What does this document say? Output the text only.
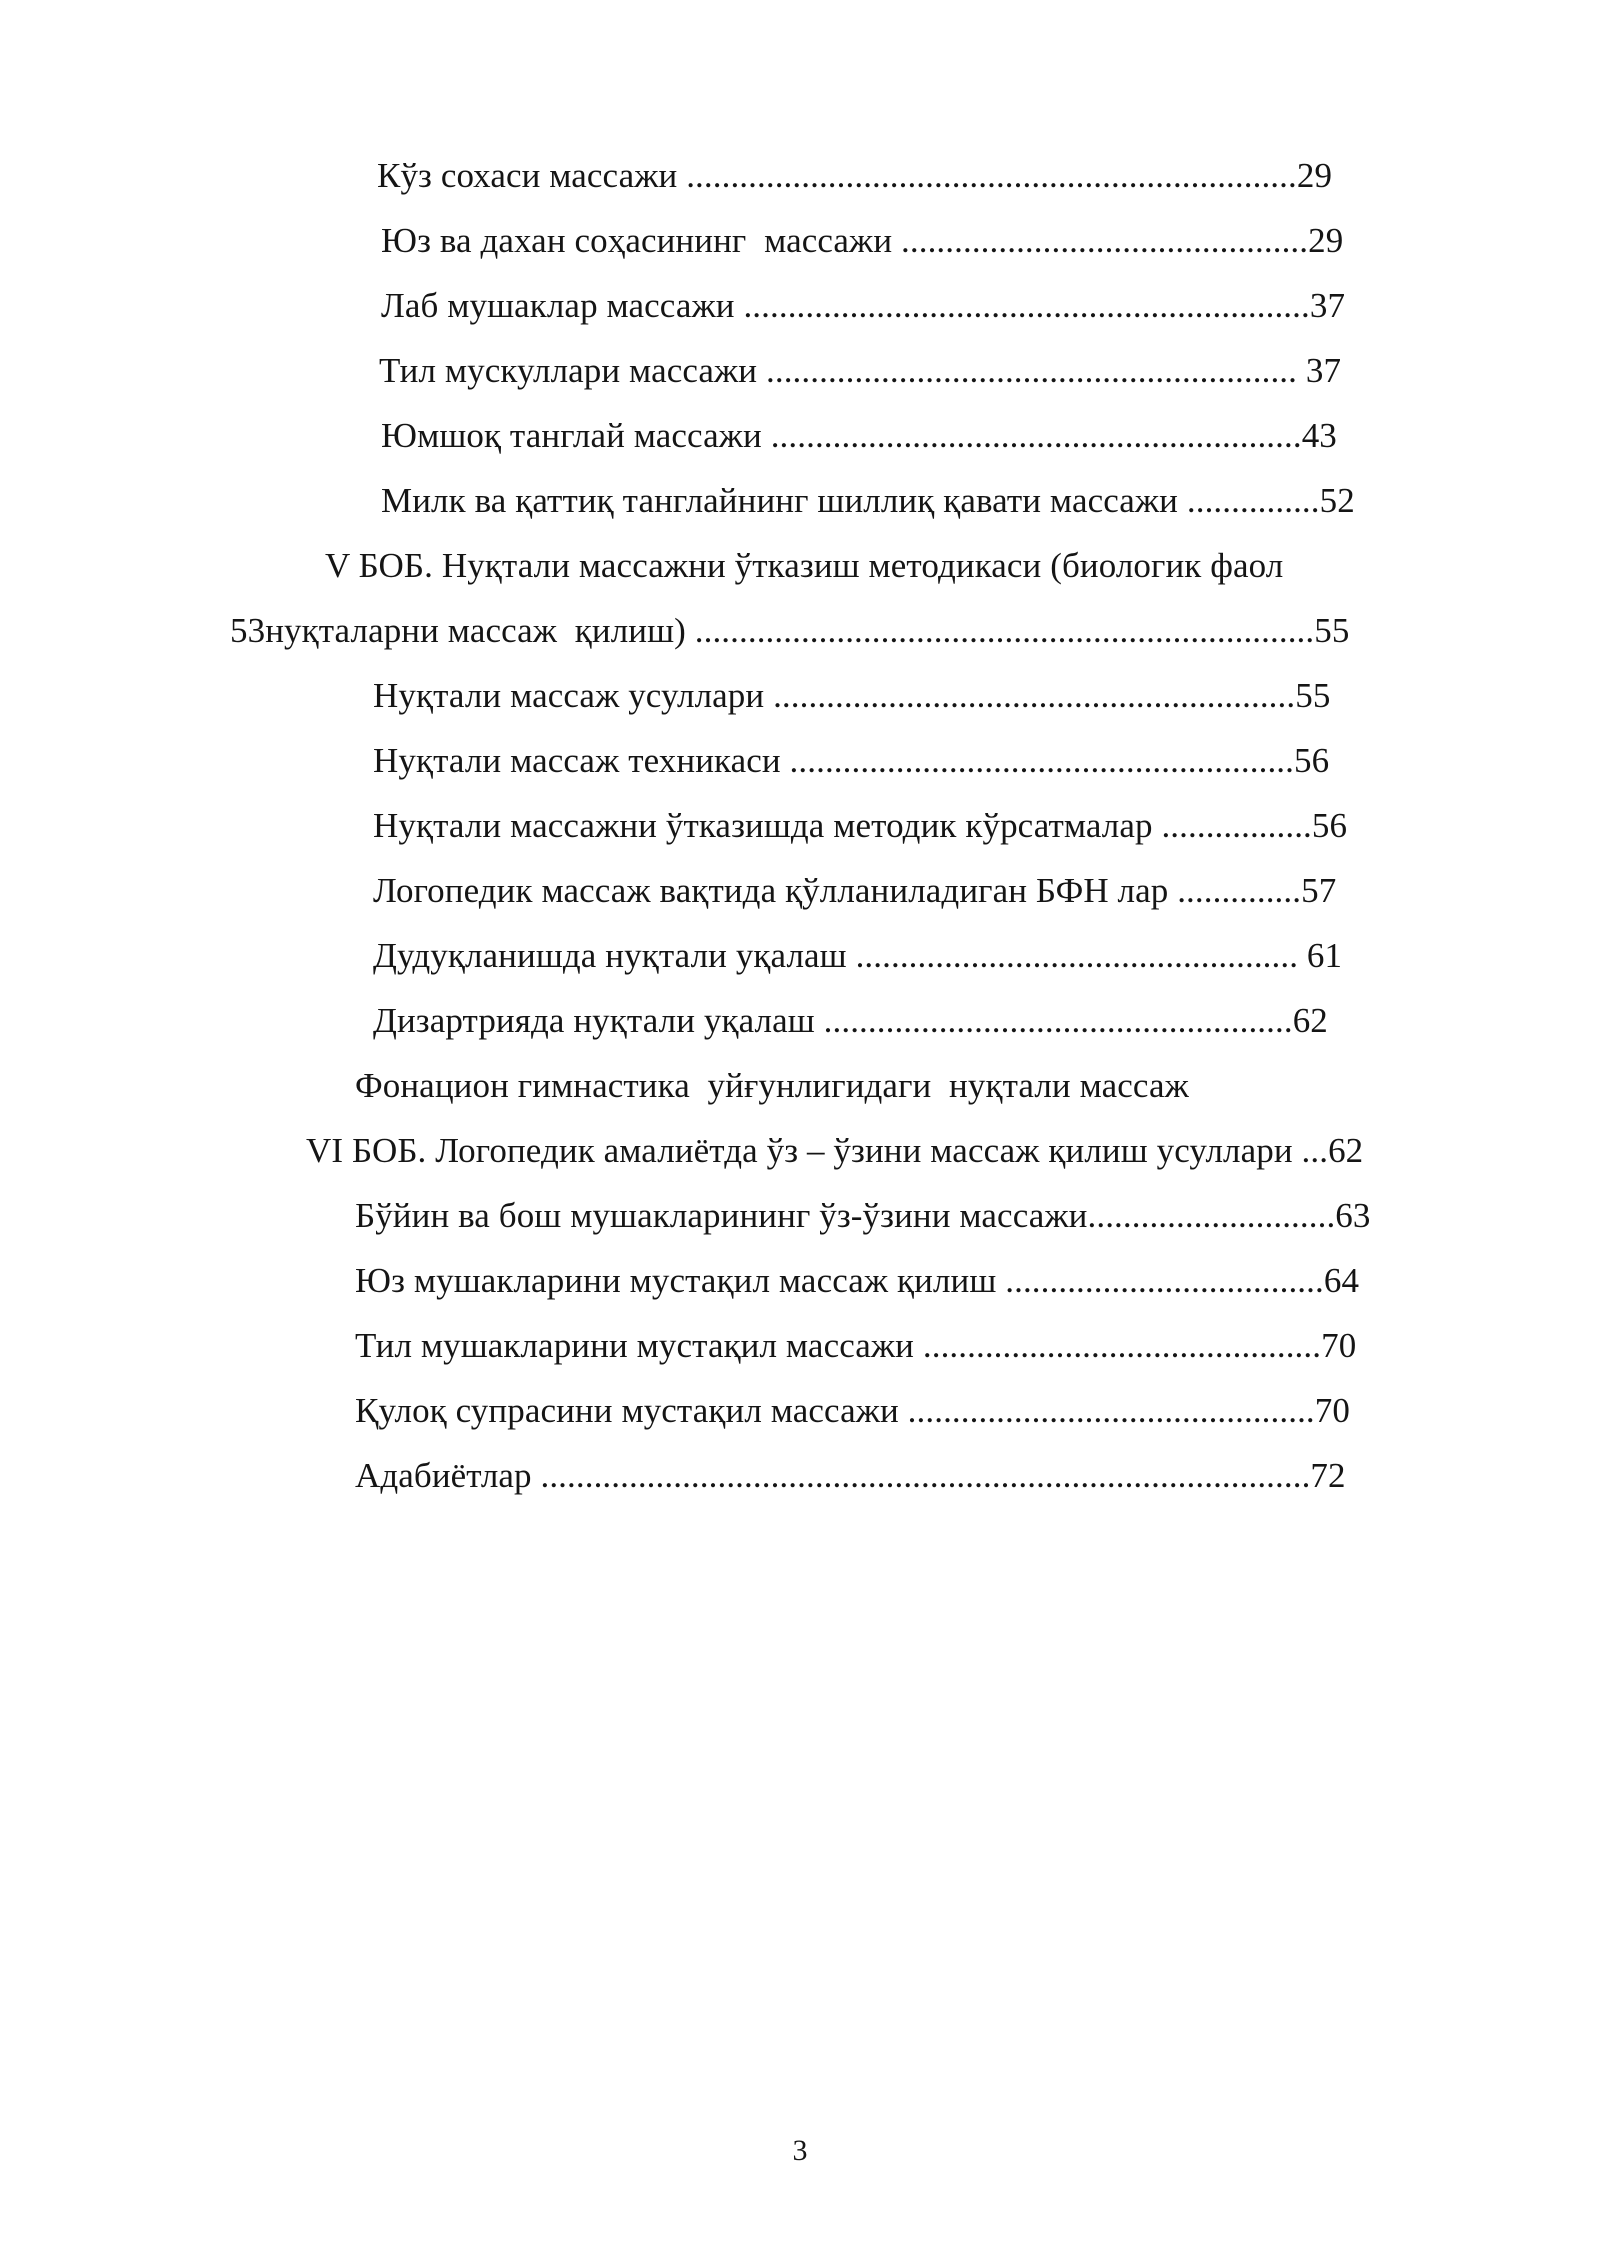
Кўз сохаси массажи .....................................................................29
Юз ва дахан соҳасининг  массажи ..............................................29
Лаб мушаклар массажи ................................................................37
Тил мускуллари массажи ............................................................ 37
Юмшоқ танглай массажи ............................................................43
Милк ва қаттиқ танглайнинг шиллиқ қавати массажи ...............52
V БОБ. Нуқтали массажни ўтказиш методикаси (биологик фаол
53нуқталарни массаж  қилиш) ......................................................................55
Нуқтали массаж усуллари ...........................................................55
Нуқтали массаж техникаси .........................................................56
Нуқтали массажни ўтказишда методик кўрсатмалар .................56
Логопедик массаж вақтида қўлланиладиган БФН лар ..............57
Дудуқланишда нуқтали уқалаш .................................................. 61
Дизартрияда нуқтали уқалаш .....................................................62
Фонацион гимнастика  уйғунлигидаги  нуқтали массаж
VI БОБ. Логопедик амалиётда ўз – ўзини массаж қилиш усуллари ...62
Бўйин ва бош мушакларининг ўз-ўзини массажи............................63
Юз мушакларини мустақил массаж қилиш ....................................64
Тил мушакларини мустақил массажи .............................................70
Қулоқ супрасини мустақил массажи ..............................................70
Адабиётлар .......................................................................................72
3
